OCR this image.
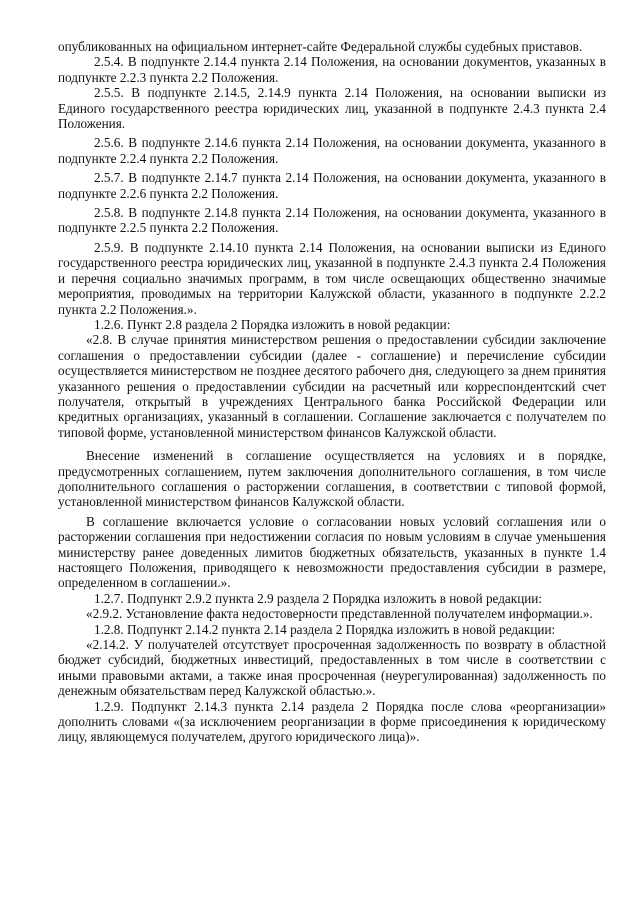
опубликованных на официальном интернет-сайте Федеральной службы судебных приставов.

2.5.4. В подпункте 2.14.4 пункта 2.14 Положения, на основании документов, указанных в подпункте 2.2.3 пункта 2.2 Положения.

2.5.5. В подпункте 2.14.5, 2.14.9 пункта 2.14 Положения, на основании выписки из Единого государственного реестра юридических лиц, указанной в подпункте 2.4.3 пункта 2.4 Положения.

2.5.6. В подпункте 2.14.6 пункта 2.14 Положения, на основании документа, указанного в подпункте 2.2.4 пункта 2.2 Положения.

2.5.7. В подпункте 2.14.7 пункта 2.14 Положения, на основании документа, указанного в подпункте 2.2.6 пункта 2.2 Положения.

2.5.8. В подпункте 2.14.8 пункта 2.14 Положения, на основании документа, указанного в подпункте 2.2.5 пункта 2.2 Положения.

2.5.9. В подпункте 2.14.10 пункта 2.14 Положения, на основании выписки из Единого государственного реестра юридических лиц, указанной в подпункте 2.4.3 пункта 2.4 Положения и перечня социально значимых программ, в том числе освещающих общественно значимые мероприятия, проводимых на территории Калужской области, указанного в подпункте 2.2.2 пункта 2.2 Положения.».

1.2.6. Пункт 2.8 раздела 2 Порядка изложить в новой редакции:

«2.8. В случае принятия министерством решения о предоставлении субсидии заключение соглашения о предоставлении субсидии (далее - соглашение) и перечисление субсидии осуществляется министерством не позднее десятого рабочего дня, следующего за днем принятия указанного решения о предоставлении субсидии на расчетный или корреспондентский счет получателя, открытый в учреждениях Центрального банка Российской Федерации или кредитных организациях, указанный в соглашении. Соглашение заключается с получателем по типовой форме, установленной министерством финансов Калужской области.

Внесение изменений в соглашение осуществляется на условиях и в порядке, предусмотренных соглашением, путем заключения дополнительного соглашения, в том числе дополнительного соглашения о расторжении соглашения, в соответствии с типовой формой, установленной министерством финансов Калужской области.

В соглашение включается условие о согласовании новых условий соглашения или о расторжении соглашения при недостижении согласия по новым условиям в случае уменьшения министерству ранее доведенных лимитов бюджетных обязательств, указанных в пункте 1.4 настоящего Положения, приводящего к невозможности предоставления субсидии в размере, определенном в соглашении.».

1.2.7. Подпункт 2.9.2 пункта 2.9 раздела 2 Порядка изложить в новой редакции:

«2.9.2. Установление факта недостоверности представленной получателем информации.».

1.2.8. Подпункт 2.14.2 пункта 2.14 раздела 2 Порядка изложить в новой редакции:

«2.14.2. У получателей отсутствует просроченная задолженность по возврату в областной бюджет субсидий, бюджетных инвестиций, предоставленных в том числе в соответствии с иными правовыми актами, а также иная просроченная (неурегулированная) задолженность по денежным обязательствам перед Калужской областью.».

1.2.9. Подпункт 2.14.3 пункта 2.14 раздела 2 Порядка после слова «реорганизации» дополнить словами «(за исключением реорганизации в форме присоединения к юридическому лицу, являющемуся получателем, другого юридического лица)».
